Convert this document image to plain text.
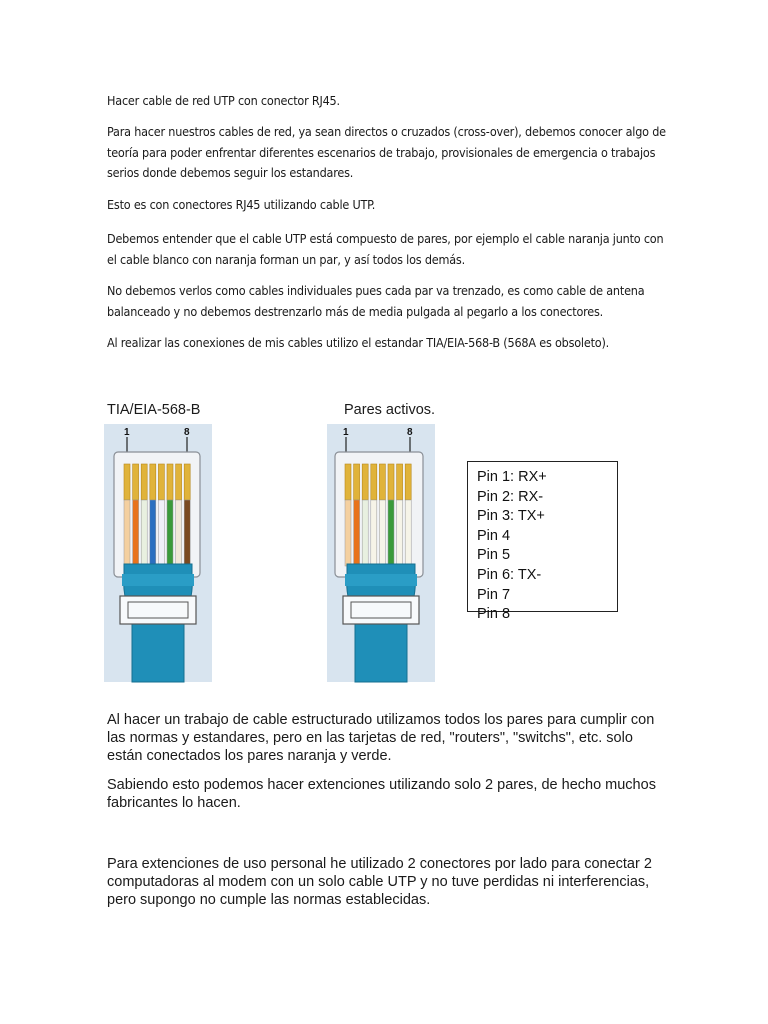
Hacer cable de red UTP con conector RJ45.
Para hacer nuestros cables de red, ya sean directos o cruzados (cross-over), debemos conocer algo de teoría para poder enfrentar diferentes escenarios de trabajo, provisionales de emergencia o trabajos serios donde debemos seguir los estandares.
Esto es con conectores RJ45 utilizando cable UTP.
Debemos entender que el cable UTP está compuesto de pares, por ejemplo el cable naranja junto con el cable blanco con naranja forman un par, y así todos los demás.
No debemos verlos como cables individuales pues cada par va trenzado, es como cable de antena balanceado y no debemos destrenzarlo más de media pulgada al pegarlo a los conectores.
Al realizar las conexiones de mis cables utilizo el estandar TIA/EIA-568-B (568A es obsoleto).
TIA/EIA-568-B	Pares activos.
1	8	1	8
Pin 1: RX+
Pin 2: RX-
Pin 3: TX+
Pin 4
Pin 5
Pin 6: TX-
Pin 7
Pin 8
Al hacer un trabajo de cable estructurado utilizamos todos los pares para cumplir con las normas y estandares, pero en las tarjetas de red, "routers", "switchs", etc. solo están conectados los pares naranja y verde.
Sabiendo esto podemos hacer extenciones utilizando solo 2 pares, de hecho muchos fabricantes lo hacen.
Para extenciones de uso personal he utilizado 2 conectores por lado para conectar 2 computadoras al modem con un solo cable UTP y no tuve perdidas ni interferencias, pero supongo no cumple las normas establecidas.
